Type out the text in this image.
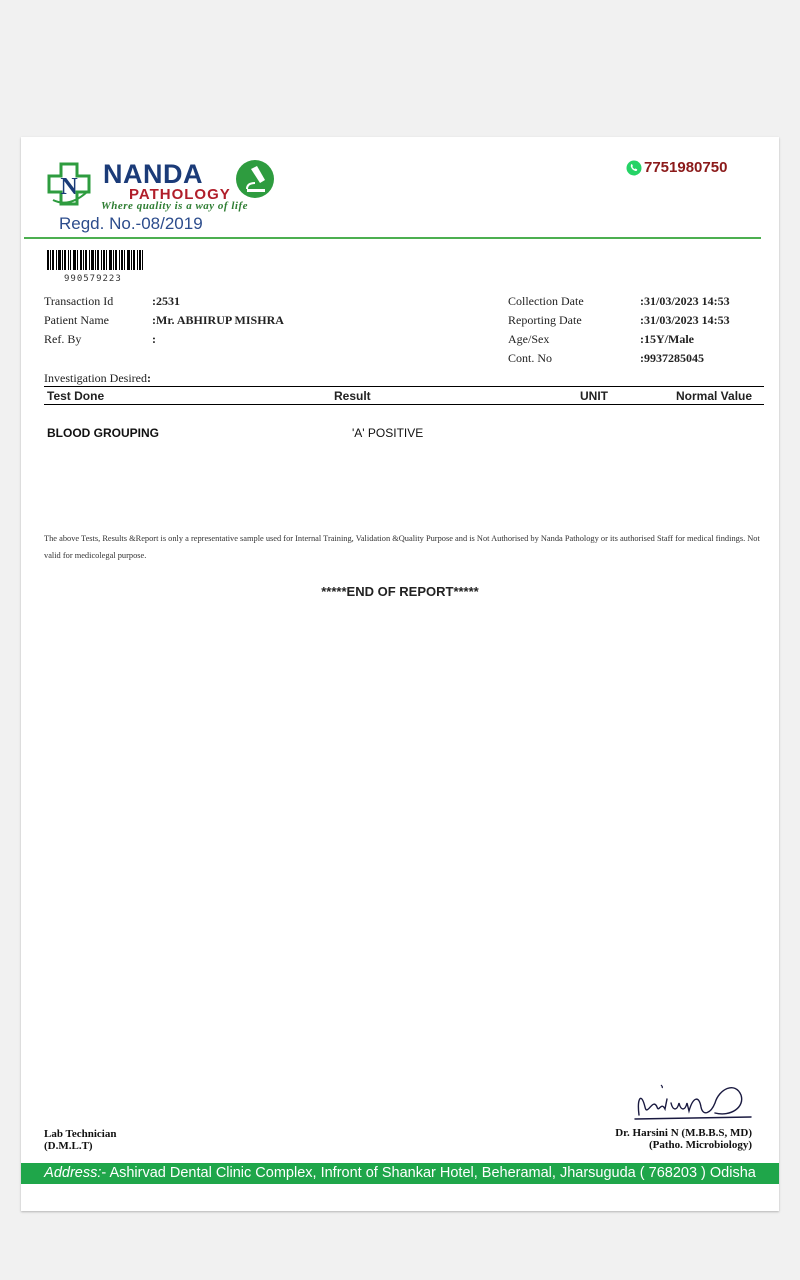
N NANDA
PATHOLOGY
Where quality is a way of life
Regd. No.-08/2019
7751980750
990579223
Transaction Id	:2531
Patient Name	:Mr. ABHIRUP MISHRA
Ref. By	:
Collection Date	:31/03/2023 14:53
Reporting Date	:31/03/2023 14:53
Age/Sex	:15Y/Male
Cont. No	:9937285045
Investigation Desired:
Test Done	Result	UNIT	Normal Value
BLOOD GROUPING	'A' POSITIVE
The above Tests, Results &Report is only a representative sample used for Internal Training, Validation &Quality Purpose and is Not Authorised by Nanda Pathology or its authorised Staff for medical findings. Not valid for medicolegal purpose.
*****END OF REPORT*****
Lab Technician
(D.M.L.T)
Dr. Harsini N (M.B.B.S, MD)
(Patho. Microbiology)
Address:- Ashirvad Dental Clinic Complex, Infront of Shankar Hotel, Beheramal, Jharsuguda ( 768203 ) Odisha
